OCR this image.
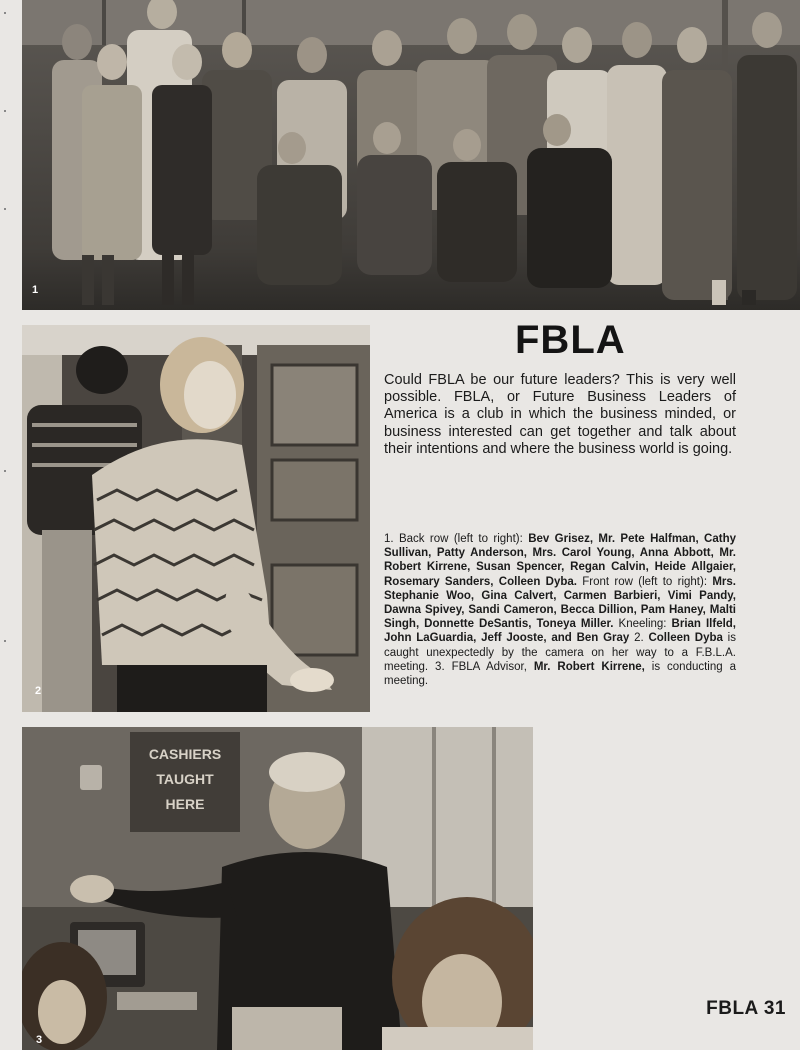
1
2
CASHIERS
TAUGHT
HERE
3
FBLA

Could FBLA be our future leaders? This is very well possible. FBLA, or Future Business Leaders of America is a club in which the business minded, or business interested can get together and talk about their intentions and where the business world is going.

1. Back row (left to right): Bev Grisez, Mr. Pete Halfman, Cathy Sullivan, Patty Anderson, Mrs. Carol Young, Anna Abbott, Mr. Robert Kirrene, Susan Spencer, Regan Calvin, Heide Allgaier, Rosemary Sanders, Colleen Dyba. Front row (left to right): Mrs. Stephanie Woo, Gina Calvert, Carmen Barbieri, Vimi Pandy, Dawna Spivey, Sandi Cameron, Becca Dillion, Pam Haney, Malti Singh, Donnette DeSantis, Toneya Miller. Kneeling: Brian Ilfeld, John LaGuardia, Jeff Jooste, and Ben Gray 2. Colleen Dyba is caught unexpectedly by the camera on her way to a F.B.L.A. meeting. 3. FBLA Advisor, Mr. Robert Kirrene, is conducting a meeting.

FBLA 31
